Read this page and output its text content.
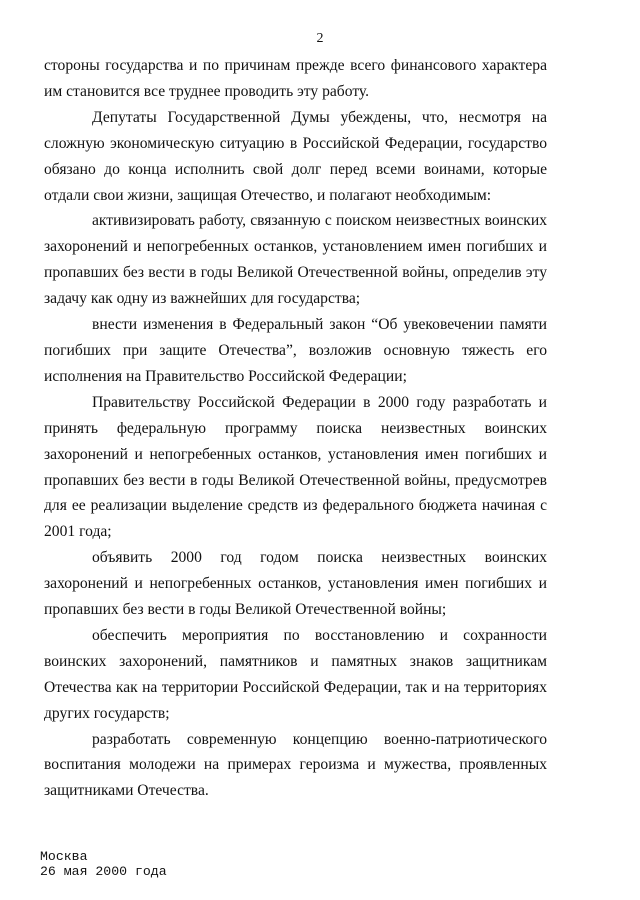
2

стороны государства и по причинам прежде всего финансового характера им становится все труднее проводить эту работу.

Депутаты Государственной Думы убеждены, что, несмотря на сложную экономическую ситуацию в Российской Федерации, государство обязано до конца исполнить свой долг перед всеми воинами, которые отдали свои жизни, защищая Отечество, и полагают необходимым:

активизировать работу, связанную с поиском неизвестных воинских захоронений и непогребенных останков, установлением имен погибших и пропавших без вести в годы Великой Отечественной войны, определив эту задачу как одну из важнейших для государства;

внести изменения в Федеральный закон “Об увековечении памяти погибших при защите Отечества”, возложив основную тяжесть его исполнения на Правительство Российской Федерации;

Правительству Российской Федерации в 2000 году разработать и принять федеральную программу поиска неизвестных воинских захоронений и непогребенных останков, установления имен погибших и пропавших без вести в годы Великой Отечественной войны, предусмотрев для ее реализации выделение средств из федерального бюджета начиная с 2001 года;

объявить 2000 год годом поиска неизвестных воинских захоронений и непогребенных останков, установления имен погибших и пропавших без вести в годы Великой Отечественной войны;

обеспечить мероприятия по восстановлению и сохранности воинских захоронений, памятников и памятных знаков защитникам Отечества как на территории Российской Федерации, так и на территориях других государств;

разработать современную концепцию военно-патриотического воспитания молодежи на примерах героизма и мужества, проявленных защитниками Отечества.

Москва
26 мая 2000 года
